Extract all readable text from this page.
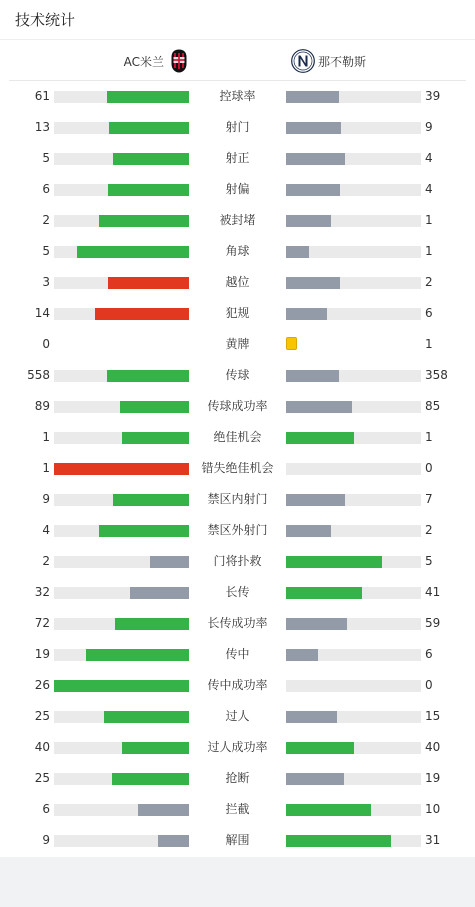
技术统计
AC米兰	那不勒斯
61	控球率	39
13	射门	9
5	射正	4
6	射偏	4
2	被封堵	1
5	角球	1
3	越位	2
14	犯规	6
0	黄牌	1
558	传球	358
89	传球成功率	85
1	绝佳机会	1
1	错失绝佳机会	0
9	禁区内射门	7
4	禁区外射门	2
2	门将扑救	5
32	长传	41
72	长传成功率	59
19	传中	6
26	传中成功率	0
25	过人	15
40	过人成功率	40
25	抢断	19
6	拦截	10
9	解围	31
